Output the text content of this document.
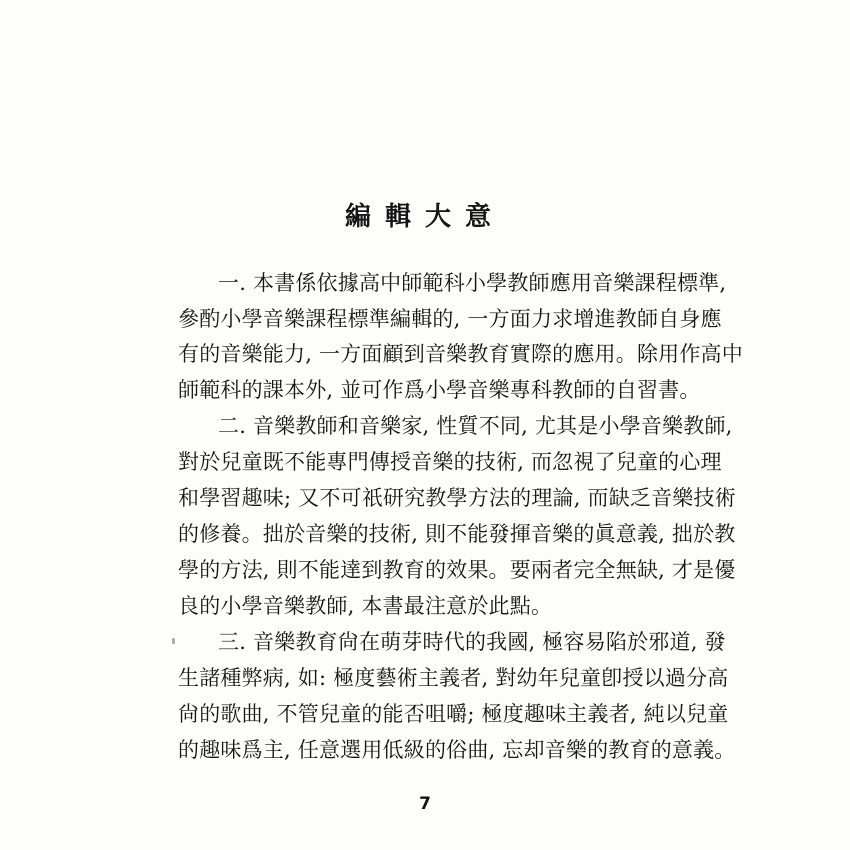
編輯大意
一. 本書係依據高中師範科小學教師應用音樂課程標準,
參酌小學音樂課程標準編輯的, 一方面力求增進教師自身應
有的音樂能力, 一方面顧到音樂教育實際的應用。除用作高中
師範科的課本外, 並可作爲小學音樂專科教師的自習書。
二. 音樂教師和音樂家, 性質不同, 尤其是小學音樂教師,
對於兒童既不能專門傳授音樂的技術, 而忽視了兒童的心理
和學習趣味; 又不可祇研究教學方法的理論, 而缺乏音樂技術
的修養。拙於音樂的技術, 則不能發揮音樂的眞意義, 拙於教
學的方法, 則不能達到教育的效果。要兩者完全無缺, 才是優
良的小學音樂教師, 本書最注意於此點。
三. 音樂教育尙在萌芽時代的我國, 極容易陷於邪道, 發
生諸種弊病, 如: 極度藝術主義者, 對幼年兒童卽授以過分高
尙的歌曲, 不管兒童的能否咀嚼; 極度趣味主義者, 純以兒童
的趣味爲主, 任意選用低級的俗曲, 忘却音樂的教育的意義。
7
